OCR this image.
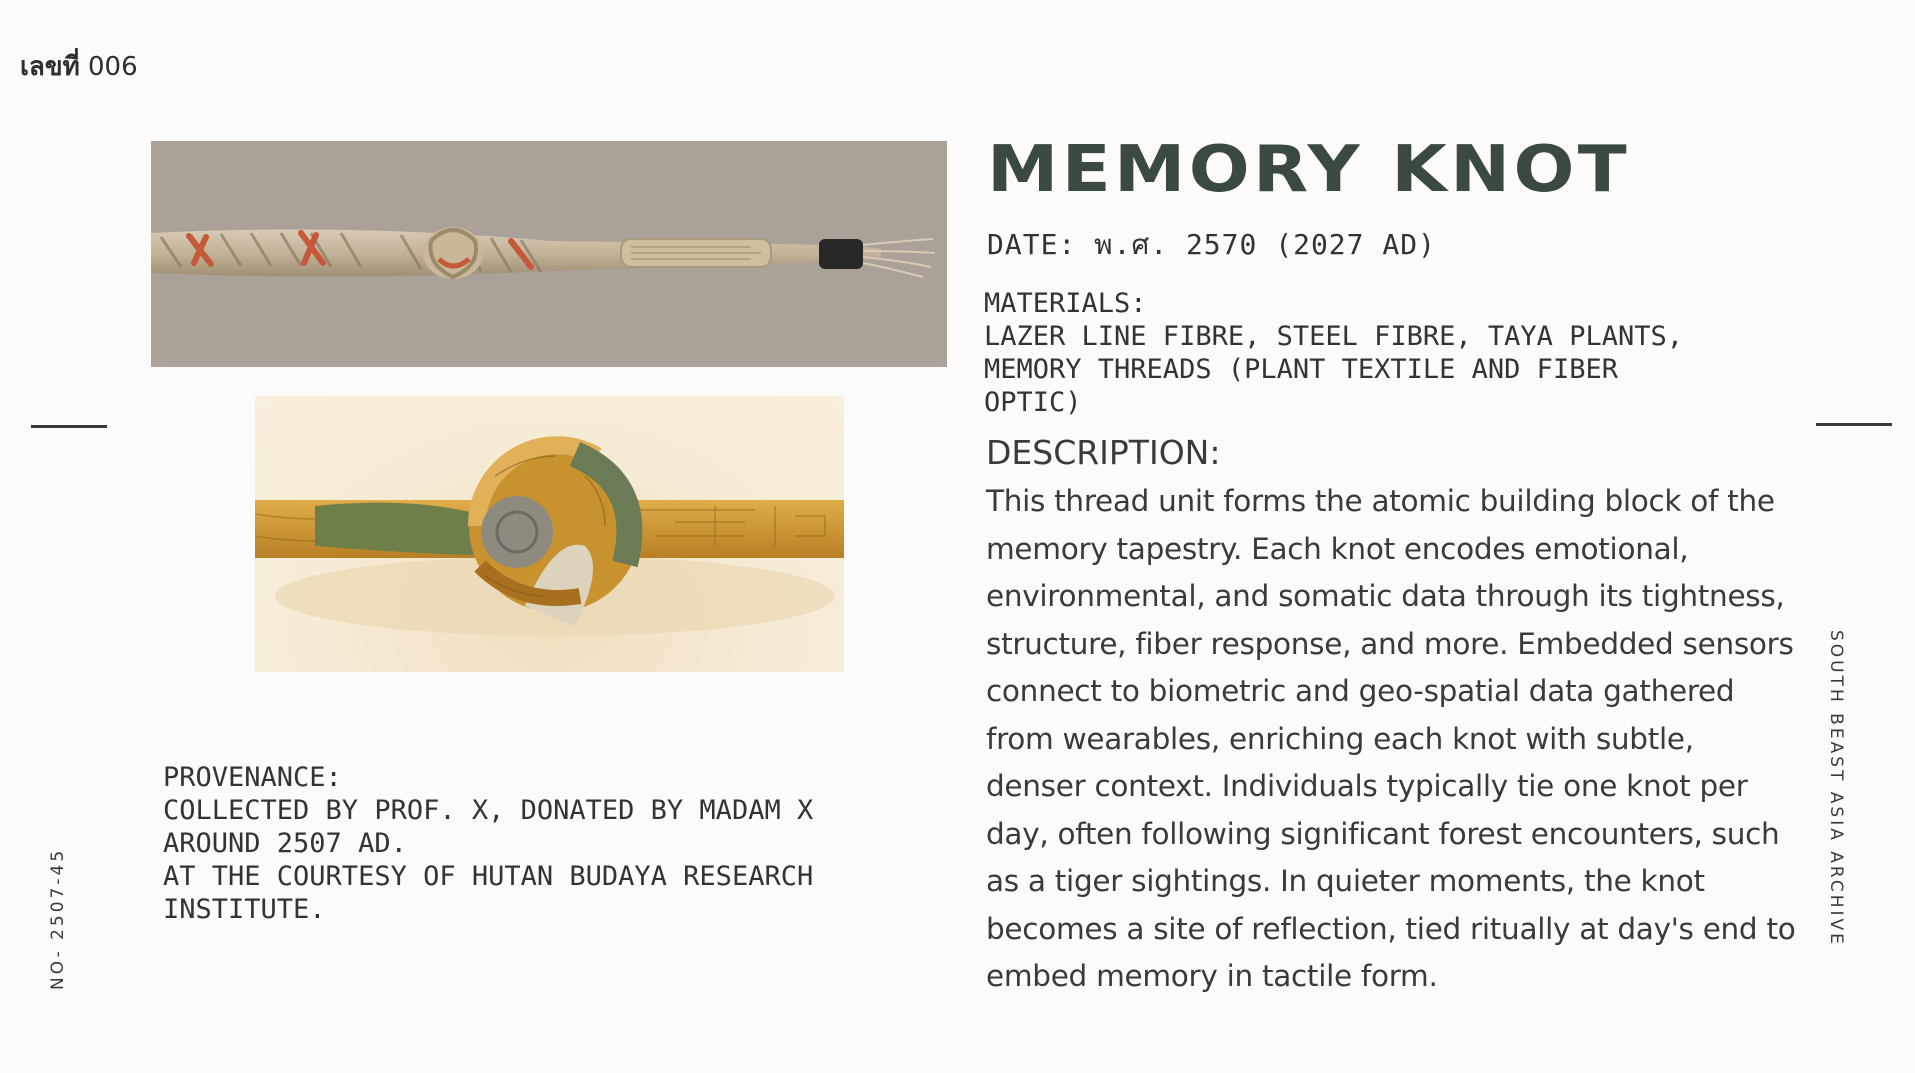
เลขที่ 006
NO- 2507-45	SOUTH BEAST ASIA ARCHIVE
MEMORY KNOT
DATE: พ.ศ. 2570 (2027 AD)
MATERIALS:
LAZER LINE FIBRE, STEEL FIBRE, TAYA PLANTS,
MEMORY THREADS (PLANT TEXTILE AND FIBER
OPTIC)
DESCRIPTION:
This thread unit forms the atomic building block of the
memory tapestry. Each knot encodes emotional,
environmental, and somatic data through its tightness,
structure, fiber response, and more. Embedded sensors
connect to biometric and geo-spatial data gathered
from wearables, enriching each knot with subtle,
denser context. Individuals typically tie one knot per
day, often following significant forest encounters, such
as a tiger sightings. In quieter moments, the knot
becomes a site of reflection, tied ritually at day's end to
embed memory in tactile form.
PROVENANCE:
COLLECTED BY PROF. X, DONATED BY MADAM X
AROUND 2507 AD.
AT THE COURTESY OF HUTAN BUDAYA RESEARCH
INSTITUTE.
